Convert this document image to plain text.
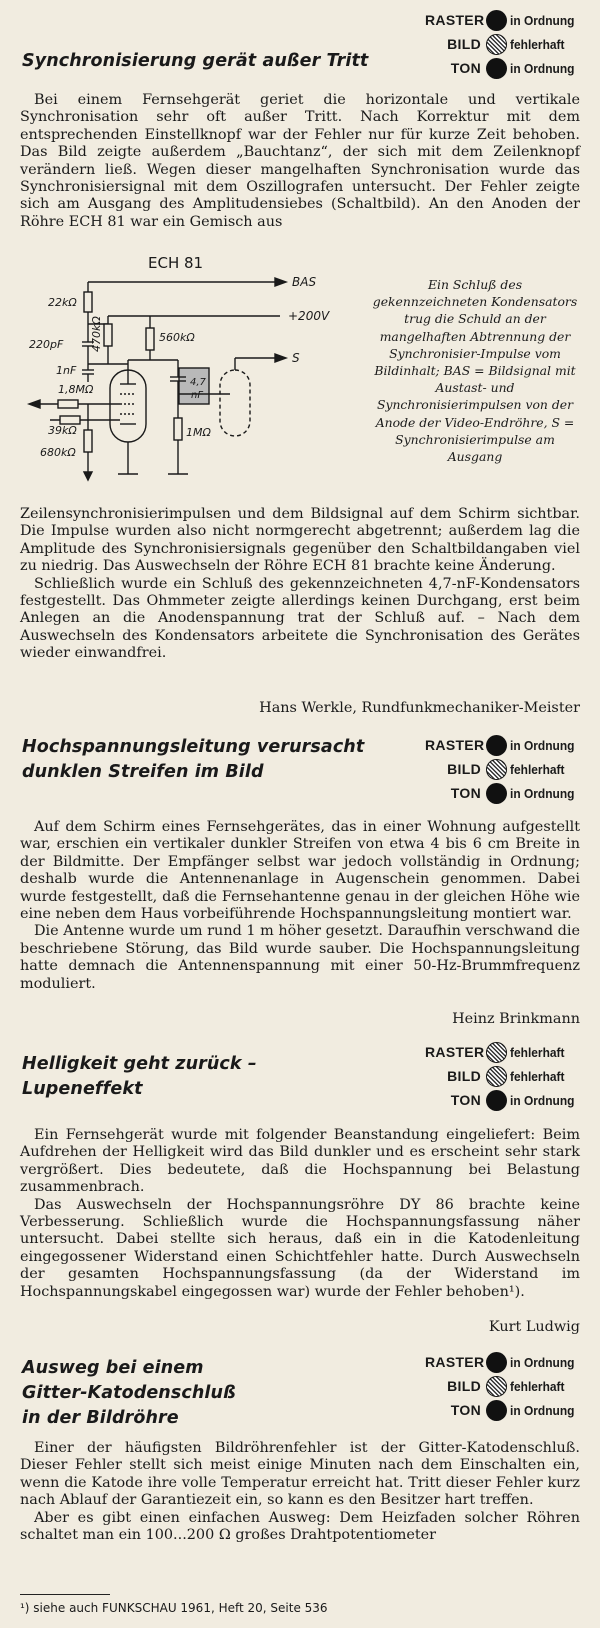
Synchronisierung gerät außer Tritt
RASTER in Ordnung
BILD fehlerhaft
TON in Ordnung

Bei einem Fernsehgerät geriet die horizontale und vertikale Synchronisation sehr oft außer Tritt. Nach Korrektur mit dem entsprechenden Einstellknopf war der Fehler nur für kurze Zeit behoben. Das Bild zeigte außerdem „Bauchtanz“, der sich mit dem Zeilenknopf verändern ließ. Wegen dieser mangelhaften Synchronisation wurde das Synchronisiersignal mit dem Oszillografen untersucht. Der Fehler zeigte sich am Ausgang des Amplitudensiebes (Schaltbild). An den Anoden der Röhre ECH 81 war ein Gemisch aus

ECH 81
BAS
+200V
S
22kΩ
220pF 470kΩ	560kΩ
1nF
1,8MΩ
39kΩ
680kΩ
1MΩ
4,7
nF
Ein Schluß des gekennzeichneten Kondensators trug die Schuld an der mangelhaften Abtrennung der Synchronisier-Impulse vom Bildinhalt; BAS = Bildsignal mit Austast- und Synchronisierimpulsen von der Anode der Video-Endröhre, S = Synchronisierimpulse am Ausgang

Zeilensynchronisierimpulsen und dem Bildsignal auf dem Schirm sichtbar. Die Impulse wurden also nicht normgerecht abgetrennt; außerdem lag die Amplitude des Synchronisiersignals gegenüber den Schaltbildangaben viel zu niedrig. Das Auswechseln der Röhre ECH 81 brachte keine Änderung.

Schließlich wurde ein Schluß des gekennzeichneten 4,7-nF-Kondensators festgestellt. Das Ohmmeter zeigte allerdings keinen Durchgang, erst beim Anlegen an die Anodenspannung trat der Schluß auf. – Nach dem Auswechseln des Kondensators arbeitete die Synchronisation des Gerätes wieder einwandfrei.

Hans Werkle, Rundfunkmechaniker-Meister
Hochspannungsleitung verursacht
dunklen Streifen im Bild
RASTER in Ordnung
BILD fehlerhaft
TON in Ordnung

Auf dem Schirm eines Fernsehgerätes, das in einer Wohnung aufgestellt war, erschien ein vertikaler dunkler Streifen von etwa 4 bis 6 cm Breite in der Bildmitte. Der Empfänger selbst war jedoch vollständig in Ordnung; deshalb wurde die Antennenanlage in Augenschein genommen. Dabei wurde festgestellt, daß die Fernsehantenne genau in der gleichen Höhe wie eine neben dem Haus vorbeiführende Hochspannungsleitung montiert war.

Die Antenne wurde um rund 1 m höher gesetzt. Daraufhin verschwand die beschriebene Störung, das Bild wurde sauber. Die Hochspannungsleitung hatte demnach die Antennenspannung mit einer 50-Hz-Brummfrequenz moduliert.

Heinz Brinkmann
Helligkeit geht zurück –
Lupeneffekt
RASTER fehlerhaft
BILD fehlerhaft
TON in Ordnung

Ein Fernsehgerät wurde mit folgender Beanstandung eingeliefert: Beim Aufdrehen der Helligkeit wird das Bild dunkler und es erscheint sehr stark vergrößert. Dies bedeutete, daß die Hochspannung bei Belastung zusammenbrach.

Das Auswechseln der Hochspannungsröhre DY 86 brachte keine Verbesserung. Schließlich wurde die Hochspannungsfassung näher untersucht. Dabei stellte sich heraus, daß ein in die Katodenleitung eingegossener Widerstand einen Schichtfehler hatte. Durch Auswechseln der gesamten Hochspannungsfassung (da der Widerstand im Hochspannungskabel eingegossen war) wurde der Fehler behoben¹).

Kurt Ludwig
Ausweg bei einem
Gitter-Katodenschluß
in der Bildröhre
RASTER in Ordnung
BILD fehlerhaft
TON in Ordnung

Einer der häufigsten Bildröhrenfehler ist der Gitter-Katodenschluß. Dieser Fehler stellt sich meist einige Minuten nach dem Einschalten ein, wenn die Katode ihre volle Temperatur erreicht hat. Tritt dieser Fehler kurz nach Ablauf der Garantiezeit ein, so kann es den Besitzer hart treffen.

Aber es gibt einen einfachen Ausweg: Dem Heizfaden solcher Röhren schaltet man ein 100...200 Ω großes Drahtpotentiometer

¹) siehe auch FUNKSCHAU 1961, Heft 20, Seite 536
